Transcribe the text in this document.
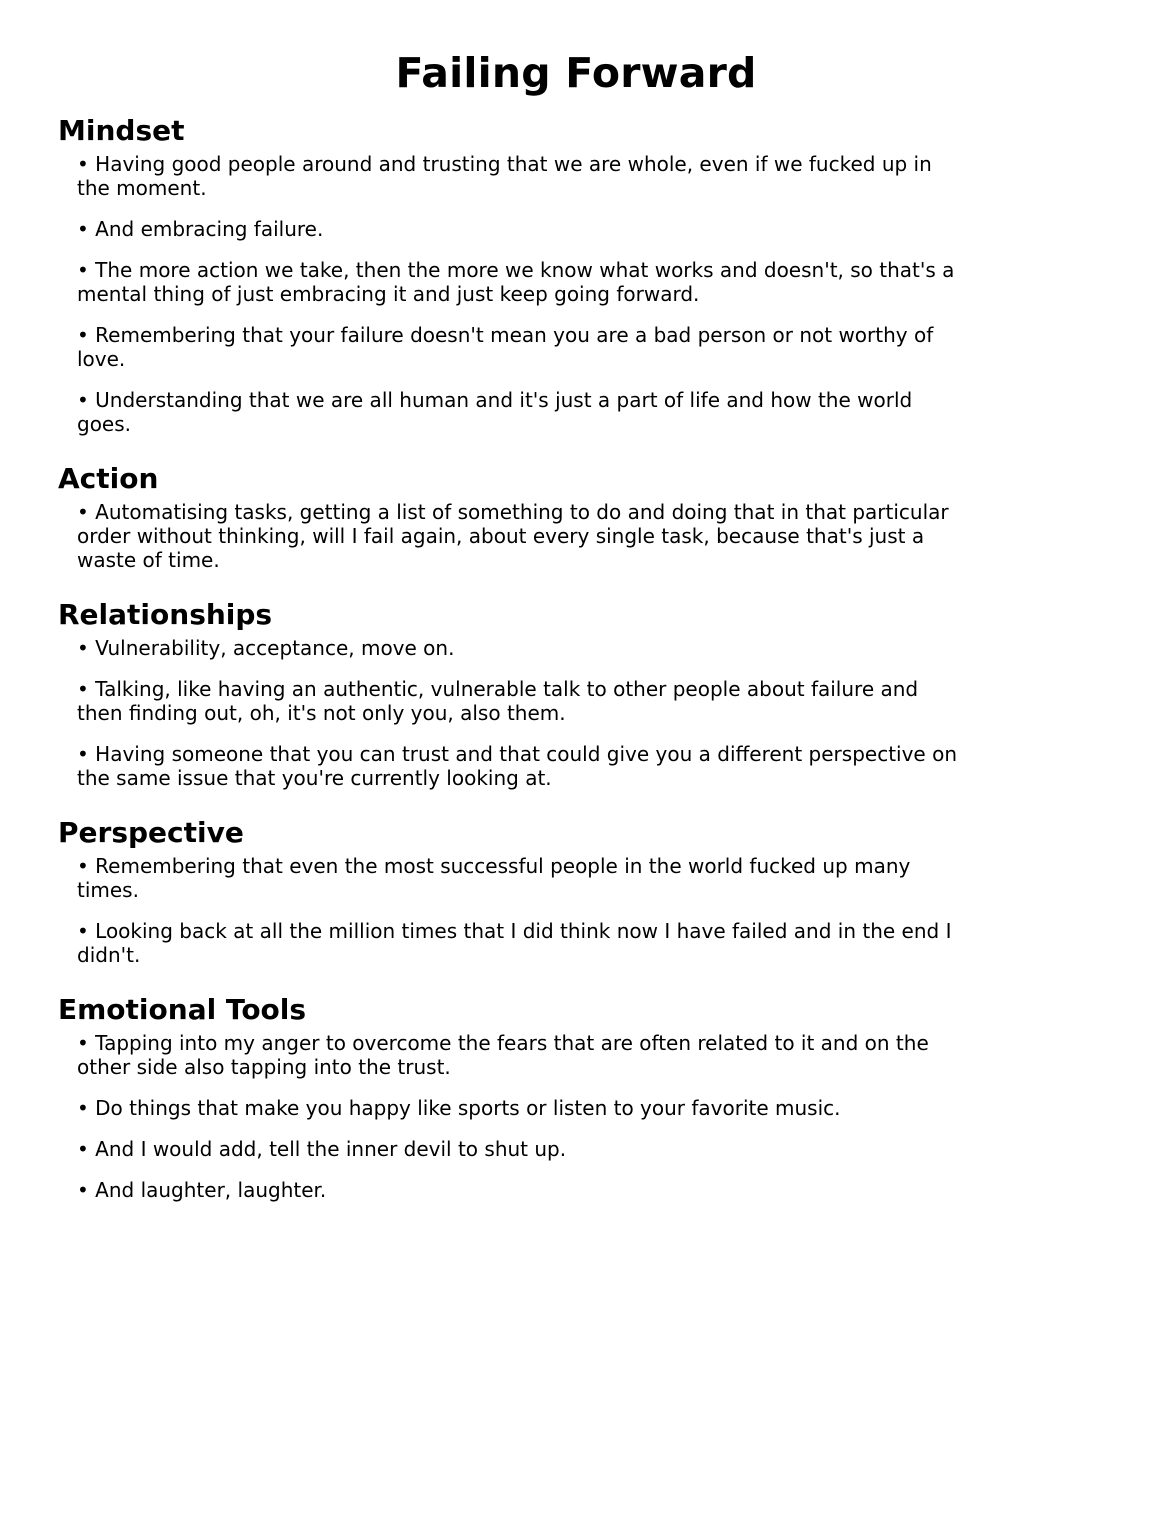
Failing Forward
Mindset
• Having good people around and trusting that we are whole, even if we fucked up in the moment.
• And embracing failure.
• The more action we take, then the more we know what works and doesn't, so that's a mental thing of just embracing it and just keep going forward.
• Remembering that your failure doesn't mean you are a bad person or not worthy of love.
• Understanding that we are all human and it's just a part of life and how the world goes.
Action
• Automatising tasks, getting a list of something to do and doing that in that particular order without thinking, will I fail again, about every single task, because that's just a waste of time.
Relationships
• Vulnerability, acceptance, move on.
• Talking, like having an authentic, vulnerable talk to other people about failure and then finding out, oh, it's not only you, also them.
• Having someone that you can trust and that could give you a different perspective on the same issue that you're currently looking at.
Perspective
• Remembering that even the most successful people in the world fucked up many times.
• Looking back at all the million times that I did think now I have failed and in the end I didn't.
Emotional Tools
• Tapping into my anger to overcome the fears that are often related to it and on the other side also tapping into the trust.
• Do things that make you happy like sports or listen to your favorite music.
• And I would add, tell the inner devil to shut up.
• And laughter, laughter.
